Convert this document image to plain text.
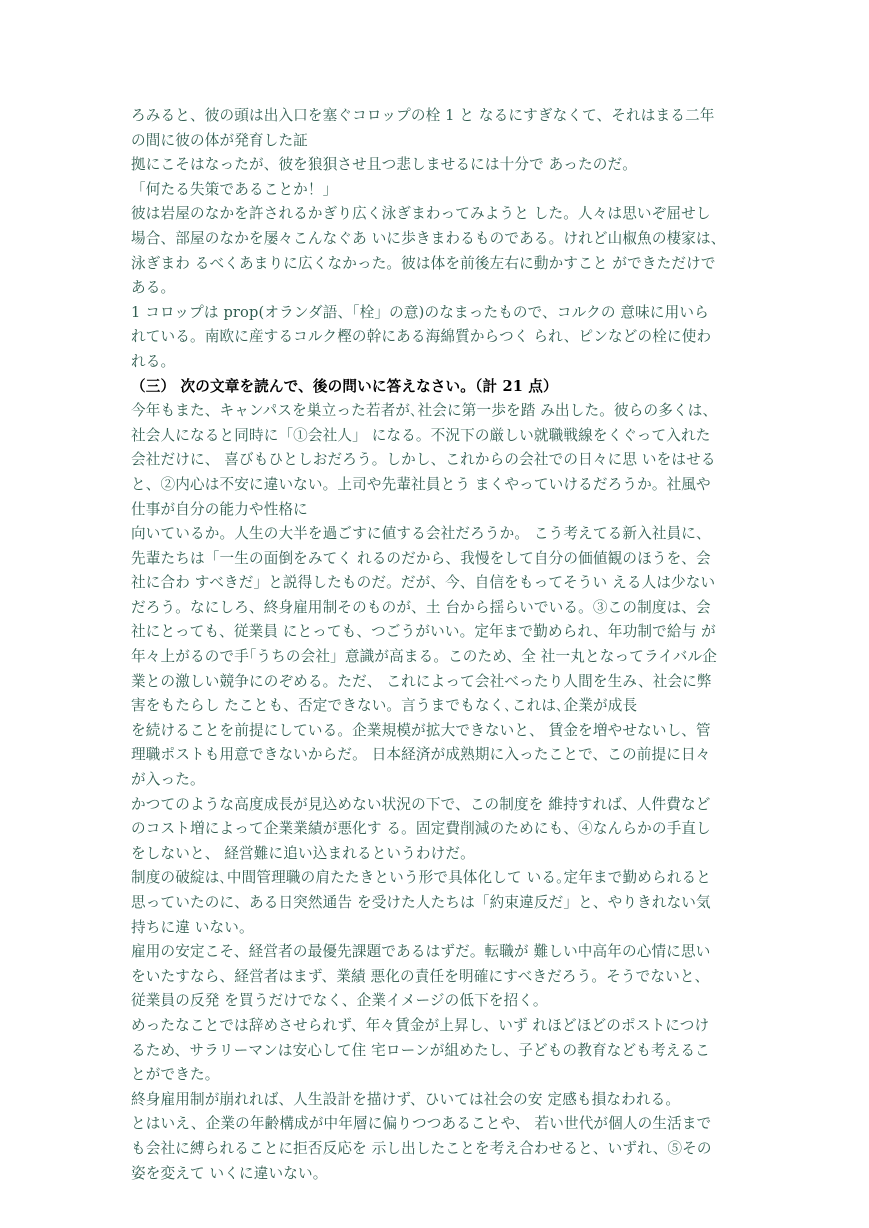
ろみると、彼の頭は出入口を塞ぐコロップの栓 1 と なるにすぎなくて、それはまる二年
の間に彼の体が発育した証
拠にこそはなったが、彼を狼狽させ且つ悲しませるには十分で あったのだ。
「何たる失策であることか！」
彼は岩屋のなかを許されるかぎり広く泳ぎまわってみようと した。人々は思いぞ屈せし
場合、部屋のなかを屡々こんなぐあ いに歩きまわるものである。けれど山椒魚の棲家は、
泳ぎまわ るべくあまりに広くなかった。彼は体を前後左右に動かすこと ができただけで
ある。
1 コロップは prop(オランダ語、「栓」の意)のなまったもので、コルクの 意味に用いら
れている。南欧に産するコルク樫の幹にある海綿質からつく られ、ピンなどの栓に使わ
れる。
（三） 次の文章を読んで、後の問いに答えなさい。（計 21 点）
今年もまた、キャンパスを巣立った若者が､社会に第一歩を踏 み出した。彼らの多くは、
社会人になると同時に「①会社人」 になる。不況下の厳しい就職戦線をくぐって入れた
会社だけに、 喜びもひとしおだろう。しかし、これからの会社での日々に思 いをはせる
と、②内心は不安に違いない。上司や先輩社員とう まくやっていけるだろうか。社風や
仕事が自分の能力や性格に
向いているか。人生の大半を過ごすに値する会社だろうか。 こう考えてる新入社員に、
先輩たちは「一生の面倒をみてく れるのだから、我慢をして自分の価値観のほうを、会
社に合わ すべきだ」と説得したものだ。だが、今、自信をもってそうい える人は少ない
だろう。なにしろ、終身雇用制そのものが、土 台から揺らいでいる。③この制度は、会
社にとっても、従業員 にとっても、つごうがいい。定年まで勤められ、年功制で給与 が
年々上がるので手｢うちの会社」意識が高まる。このため、全 社一丸となってライバル企
業との激しい競争にのぞめる。ただ、 これによって会社べったり人間を生み、社会に弊
害をもたらし たことも、否定できない。言うまでもなく､これは､企業が成長
を続けることを前提にしている。企業規模が拡大できないと、 賃金を増やせないし、管
理職ポストも用意できないからだ。 日本経済が成熟期に入ったことで、この前提に日々
が入った。
かつてのような高度成長が見込めない状況の下で、この制度を 維持すれば、人件費など
のコスト増によって企業業績が悪化す る。固定費削減のためにも、④なんらかの手直し
をしないと、 経営難に追い込まれるというわけだ。
制度の破綻は､中間管理職の肩たたきという形で具体化して いる｡定年まで勤められると
思っていたのに、ある日突然通告 を受けた人たちは「約束違反だ」と、やりきれない気
持ちに違 いない。
雇用の安定こそ、経営者の最優先課題であるはずだ。転職が 難しい中高年の心情に思い
をいたすなら、経営者はまず、業績 悪化の責任を明確にすべきだろう。そうでないと、
従業員の反発 を買うだけでなく、企業イメージの低下を招く。
めったなことでは辞めさせられず、年々賃金が上昇し、いず れほどほどのポストにつけ
るため、サラリーマンは安心して住 宅ローンが組めたし、子どもの教育なども考えるこ
とができた。
終身雇用制が崩れれば、人生設計を描けず、ひいては社会の安 定感も損なわれる。
とはいえ、企業の年齢構成が中年層に偏りつつあることや、 若い世代が個人の生活まで
も会社に縛られることに拒否反応を 示し出したことを考え合わせると、いずれ、⑤その
姿を変えて いくに違いない。
